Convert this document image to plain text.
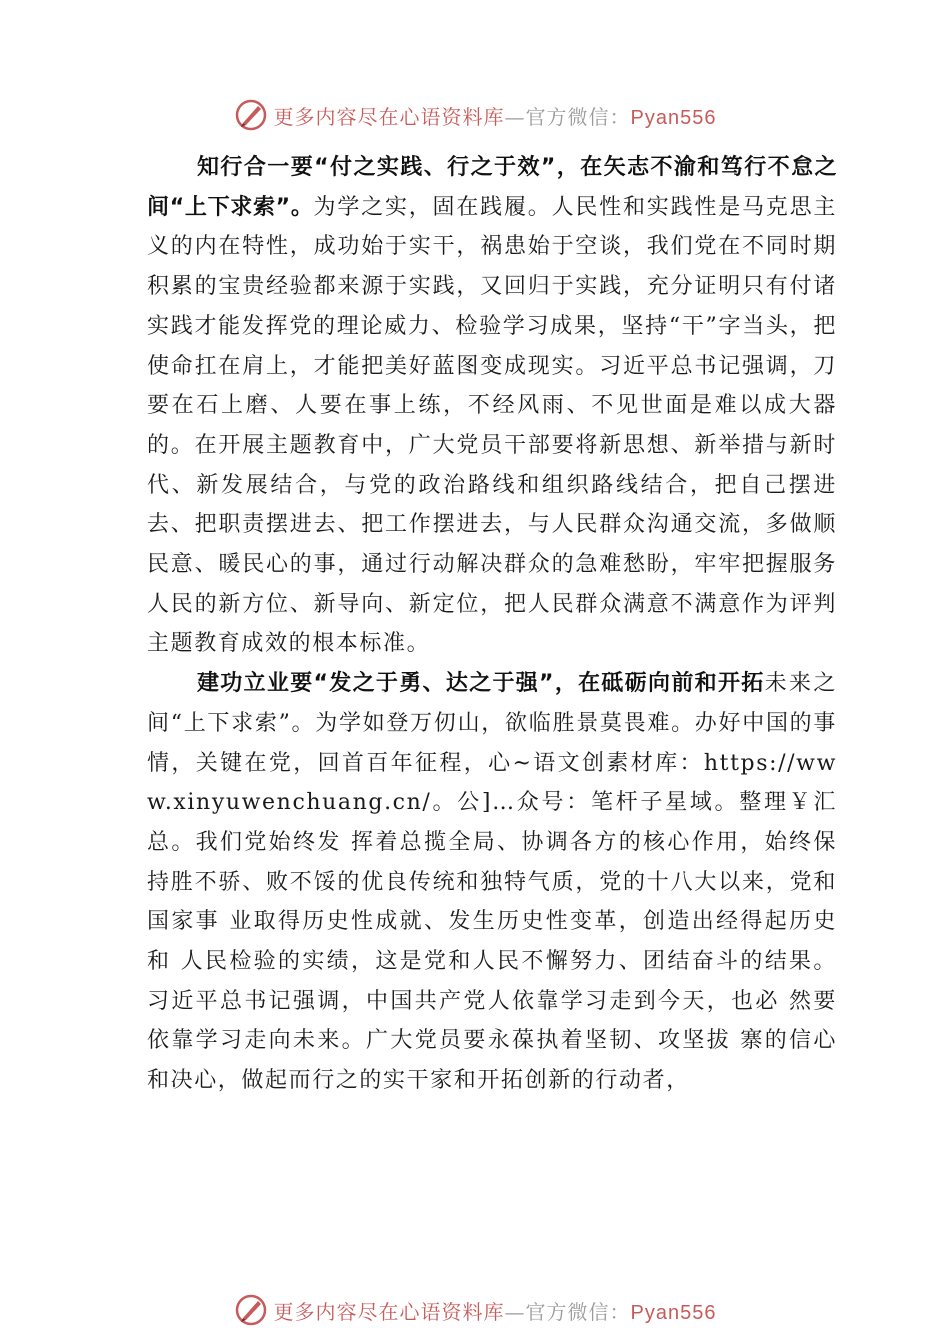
更多内容尽在心语资料库—官方微信：Pyan556

知行合一要“付之实践、行之于效”，在矢志不渝和笃行不怠之间“上下求索”。为学之实，固在践履。人民性和实践性是马克思主义的内在特性，成功始于实干，祸患始于空谈，我们党在不同时期积累的宝贵经验都来源于实践，又回归于实践，充分证明只有付诸实践才能发挥党的理论威力、检验学习成果，坚持“干”字当头，把使命扛在肩上，才能把美好蓝图变成现实。习近平总书记强调，刀要在石上磨、人要在事上练，不经风雨、不见世面是难以成大器的。在开展主题教育中，广大党员干部要将新思想、新举措与新时代、新发展结合，与党的政治路线和组织路线结合，把自己摆进去、把职责摆进去、把工作摆进去，与人民群众沟通交流，多做顺民意、暖民心的事，通过行动解决群众的急难愁盼，牢牢把握服务人民的新方位、新导向、新定位，把人民群众满意不满意作为评判主题教育成效的根本标准。

建功立业要“发之于勇、达之于强”，在砥砺向前和开拓未来之间“上下求索”。为学如登万仞山，欲临胜景莫畏难。办好中国的事情，关键在党，回首百年征程，心~语文创素材库：https://www.xinyuwenchuang.cn/。公]…众号：笔杆子星域。整理￥汇总。我们党始终发 挥着总揽全局、协调各方的核心作用，始终保持胜不骄、败不馁的优良传统和独特气质，党的十八大以来，党和国家事 业取得历史性成就、发生历史性变革，创造出经得起历史和 人民检验的实绩，这是党和人民不懈努力、团结奋斗的结果。习近平总书记强调，中国共产党人依靠学习走到今天，也必 然要依靠学习走向未来。广大党员要永葆执着坚韧、攻坚拔 寨的信心和决心，做起而行之的实干家和开拓创新的行动者，

更多内容尽在心语资料库—官方微信：Pyan556
